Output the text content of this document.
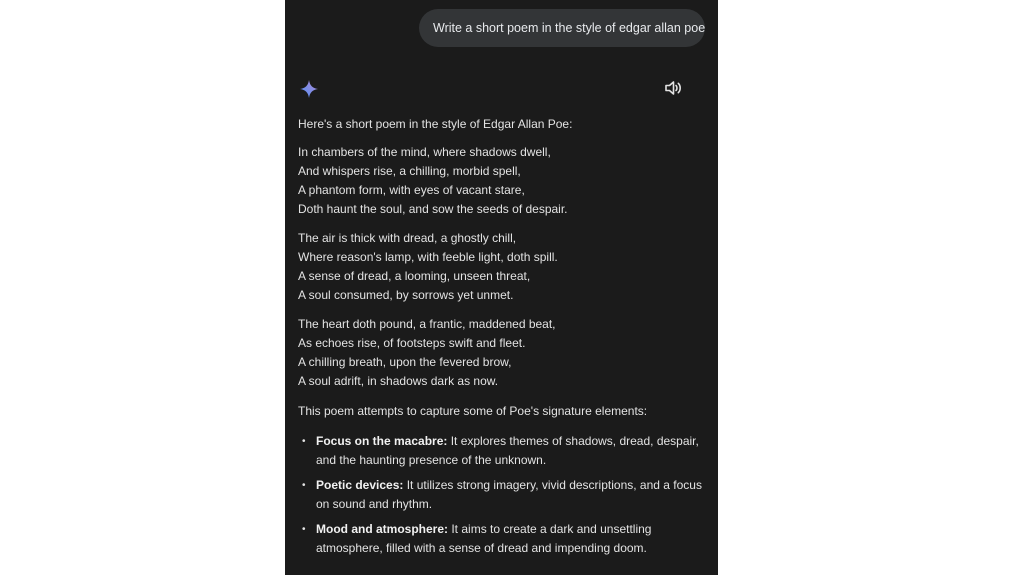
Write a short poem in the style of edgar allan poe

Here's a short poem in the style of Edgar Allan Poe:

In chambers of the mind, where shadows dwell,
And whispers rise, a chilling, morbid spell,
A phantom form, with eyes of vacant stare,
Doth haunt the soul, and sow the seeds of despair.
The air is thick with dread, a ghostly chill,
Where reason's lamp, with feeble light, doth spill.
A sense of dread, a looming, unseen threat,
A soul consumed, by sorrows yet unmet.
The heart doth pound, a frantic, maddened beat,
As echoes rise, of footsteps swift and fleet.
A chilling breath, upon the fevered brow,
A soul adrift, in shadows dark as now.

This poem attempts to capture some of Poe's signature elements:

• Focus on the macabre: It explores themes of shadows, dread, despair, and the haunting presence of the unknown.
• Poetic devices: It utilizes strong imagery, vivid descriptions, and a focus on sound and rhythm.
• Mood and atmosphere: It aims to create a dark and unsettling atmosphere, filled with a sense of dread and impending doom.
